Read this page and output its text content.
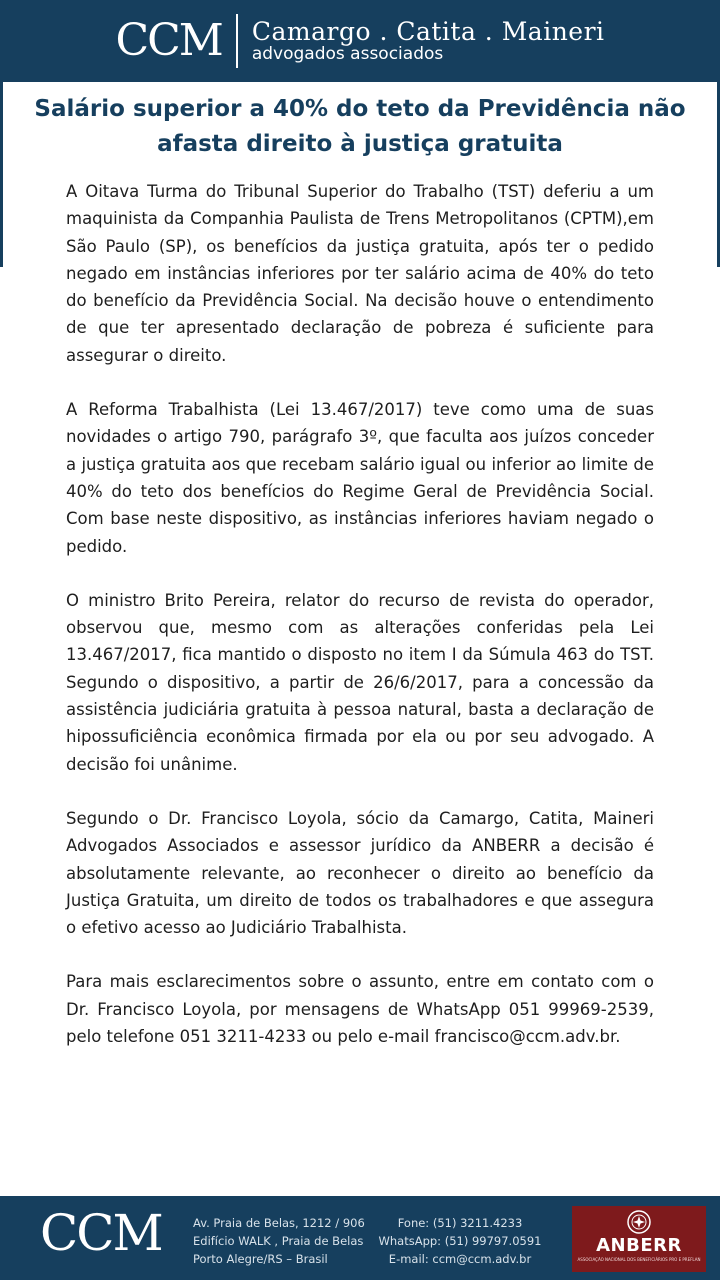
CCM Camargo . Catita . Maineri
advogados associados
Salário superior a 40% do teto da Previdência não afasta direito à justiça gratuita

A Oitava Turma do Tribunal Superior do Trabalho (TST) deferiu a um maquinista da Companhia Paulista de Trens Metropolitanos (CPTM),em São Paulo (SP), os benefícios da justiça gratuita, após ter o pedido negado em instâncias inferiores por ter salário acima de 40% do teto do benefício da Previdência Social. Na decisão houve o entendimento de que ter apresentado declaração de pobreza é suficiente para assegurar o direito.

A Reforma Trabalhista (Lei 13.467/2017) teve como uma de suas novidades o artigo 790, parágrafo 3º, que faculta aos juízos conceder a justiça gratuita aos que recebam salário igual ou inferior ao limite de 40% do teto dos benefícios do Regime Geral de Previdência Social. Com base neste dispositivo, as instâncias inferiores haviam negado o pedido.

O ministro Brito Pereira, relator do recurso de revista do operador, observou que, mesmo com as alterações conferidas pela Lei 13.467/2017, fica mantido o disposto no item I da Súmula 463 do TST. Segundo o dispositivo, a partir de 26/6/2017, para a concessão da assistência judiciária gratuita à pessoa natural, basta a declaração de hipossuficiência econômica firmada por ela ou por seu advogado. A decisão foi unânime.

Segundo o Dr. Francisco Loyola, sócio da Camargo, Catita, Maineri Advogados Associados e assessor jurídico da ANBERR a decisão é absolutamente relevante, ao reconhecer o direito ao benefício da Justiça Gratuita, um direito de todos os trabalhadores e que assegura o efetivo acesso ao Judiciário Trabalhista.

Para mais esclarecimentos sobre o assunto, entre em contato com o Dr. Francisco Loyola, por mensagens de WhatsApp 051 99969-2539, pelo telefone 051 3211-4233 ou pelo e-mail francisco@ccm.adv.br.

CCM	Av. Praia de Belas, 1212 / 906
Edifício WALK , Praia de Belas
Porto Alegre/RS – Brasil
Fone: (51) 3211.4233
WhatsApp: (51) 99797.0591
E-mail: ccm@ccm.adv.br
ANBERR
ASSOCIAÇÃO NACIONAL DOS BENEFICIÁRIOS PRO E PREFLAN
